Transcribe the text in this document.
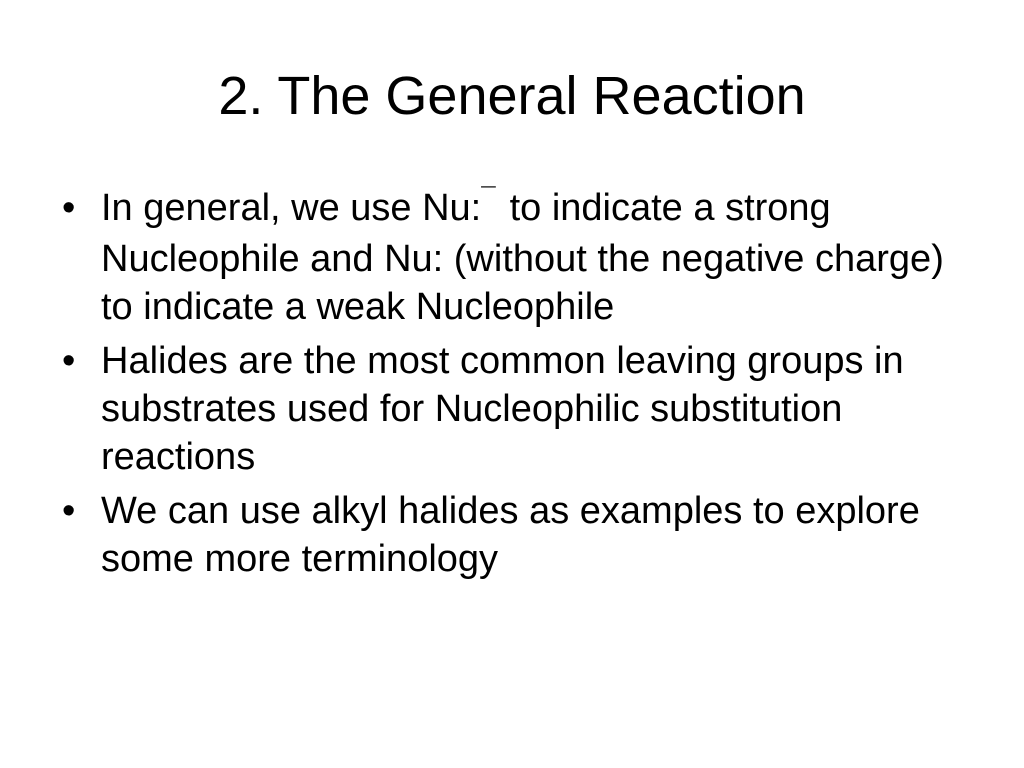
2. The General Reaction
• In general, we use Nu:¯ to indicate a strong Nucleophile and Nu: (without the negative charge) to indicate a weak Nucleophile
• Halides are the most common leaving groups in substrates used for Nucleophilic substitution reactions
• We can use alkyl halides as examples to explore some more terminology
